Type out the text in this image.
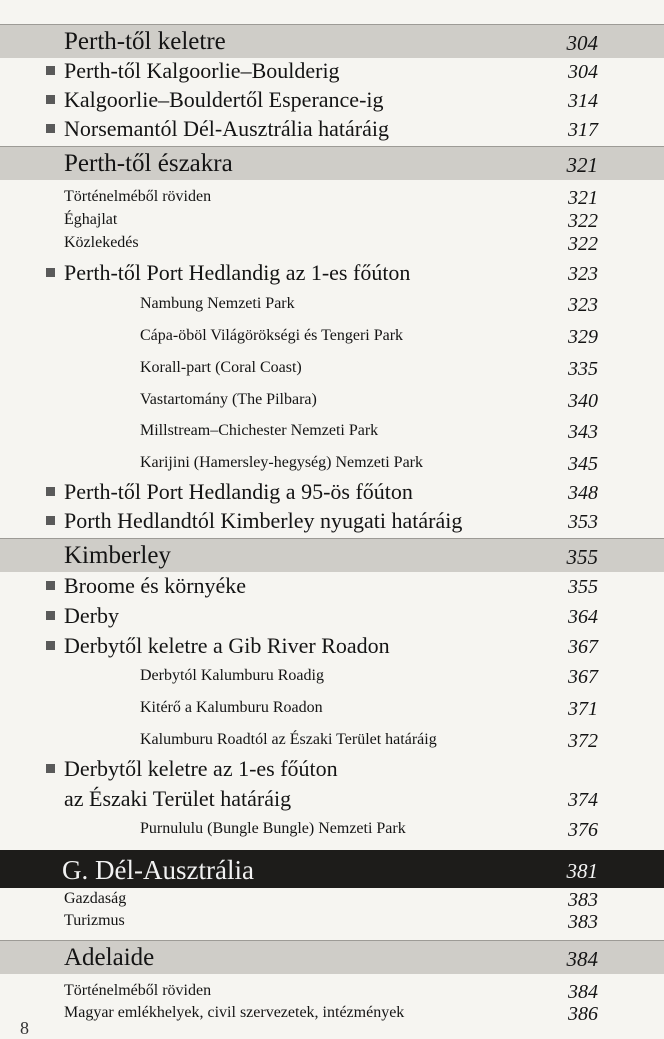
Perth-től keletre	304
Perth-től Kalgoorlie–Boulderig	304
Kalgoorlie–Bouldertől Esperance-ig	314
Norsemantól Dél-Ausztrália határáig	317
Perth-től északra	321
Történelméből röviden	321
Éghajlat	322
Közlekedés	322
Perth-től Port Hedlandig az 1-es főúton	323
Nambung Nemzeti Park	323
Cápa-öböl Világörökségi és Tengeri Park	329
Korall-part (Coral Coast)	335
Vastartomány (The Pilbara)	340
Millstream–Chichester Nemzeti Park	343
Karijini (Hamersley-hegység) Nemzeti Park	345
Perth-től Port Hedlandig a 95-ös főúton	348
Porth Hedlandtól Kimberley nyugati határáig	353
Kimberley	355
Broome és környéke	355
Derby	364
Derbytől keletre a Gib River Roadon	367
Derbytól Kalumburu Roadig	367
Kitérő a Kalumburu Roadon	371
Kalumburu Roadtól az Északi Terület határáig	372
Derbytől keletre az 1-es főúton
az Északi Terület határáig	374
Purnululu (Bungle Bungle) Nemzeti Park	376
G. Dél-Ausztrália	381
Gazdaság	383
Turizmus	383
Adelaide	384
Történelméből röviden	384
Magyar emlékhelyek, civil szervezetek, intézmények	386
8
